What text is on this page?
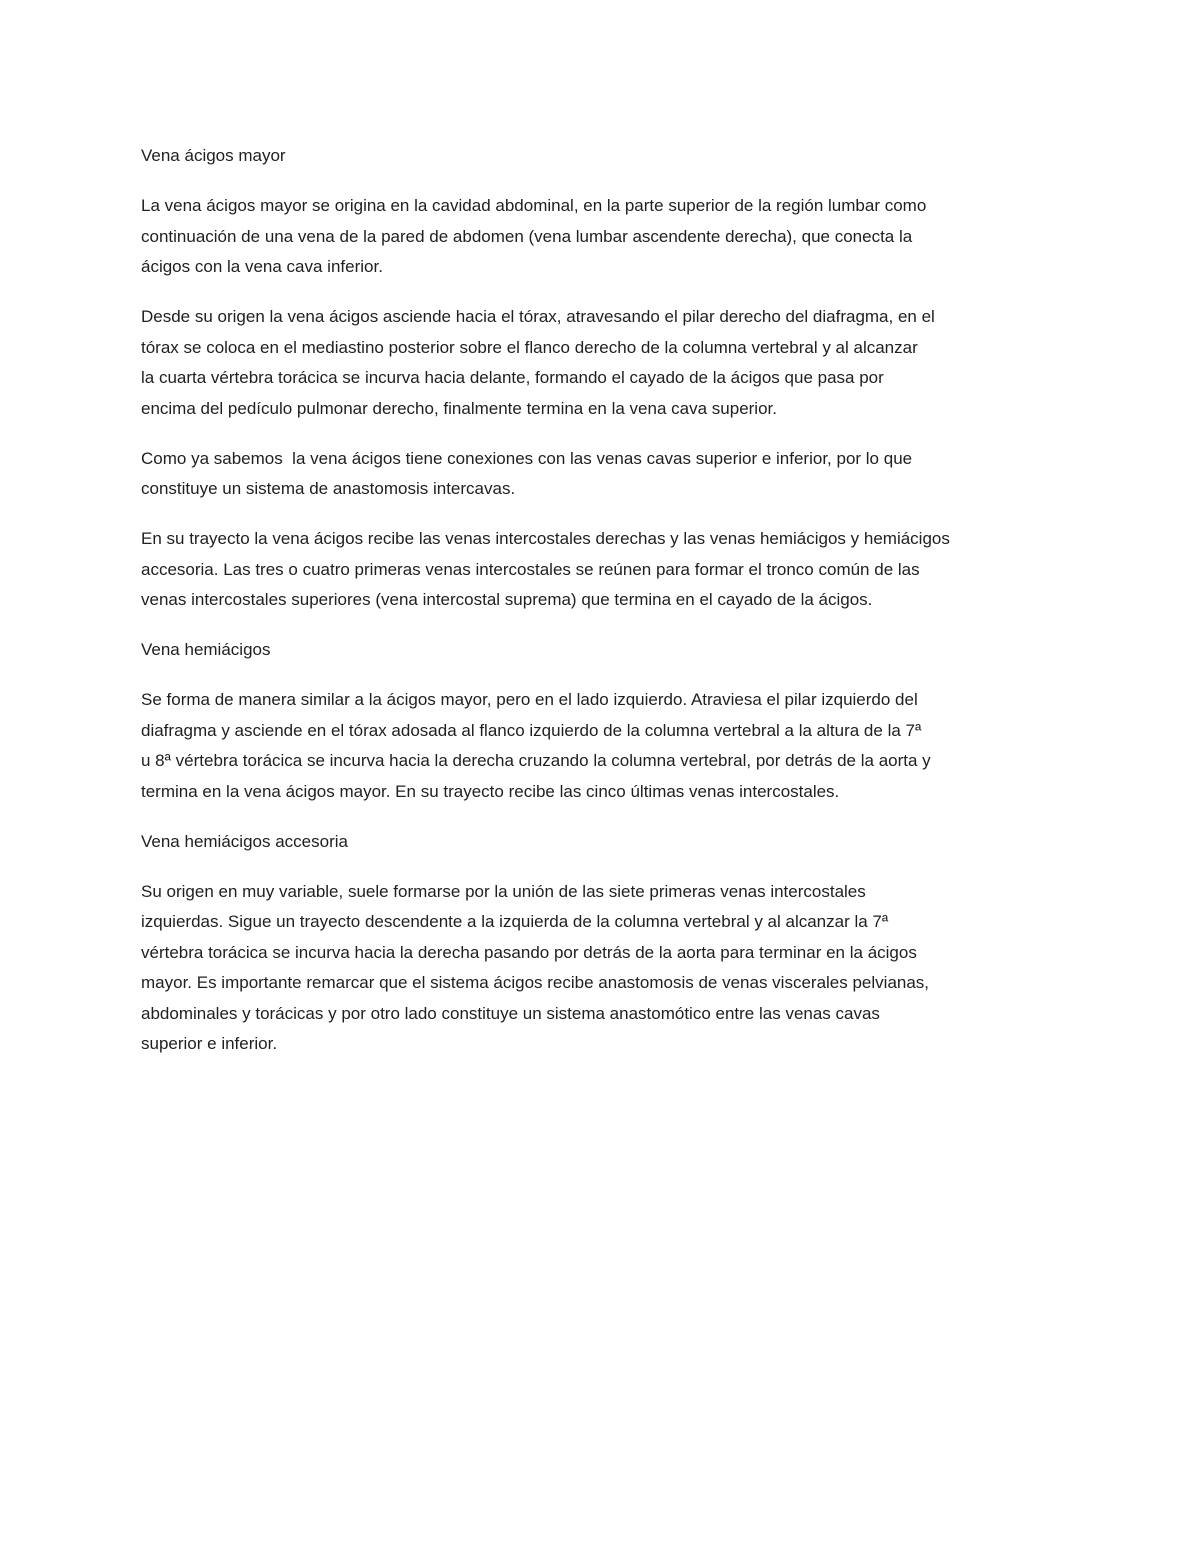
Vena ácigos mayor

La vena ácigos mayor se origina en la cavidad abdominal, en la parte superior de la región lumbar como
continuación de una vena de la pared de abdomen (vena lumbar ascendente derecha), que conecta la
ácigos con la vena cava inferior.

Desde su origen la vena ácigos asciende hacia el tórax, atravesando el pilar derecho del diafragma, en el
tórax se coloca en el mediastino posterior sobre el flanco derecho de la columna vertebral y al alcanzar
la cuarta vértebra torácica se incurva hacia delante, formando el cayado de la ácigos que pasa por
encima del pedículo pulmonar derecho, finalmente termina en la vena cava superior.

Como ya sabemos  la vena ácigos tiene conexiones con las venas cavas superior e inferior, por lo que
constituye un sistema de anastomosis intercavas.

En su trayecto la vena ácigos recibe las venas intercostales derechas y las venas hemiácigos y hemiácigos
accesoria. Las tres o cuatro primeras venas intercostales se reúnen para formar el tronco común de las
venas intercostales superiores (vena intercostal suprema) que termina en el cayado de la ácigos.

Vena hemiácigos

Se forma de manera similar a la ácigos mayor, pero en el lado izquierdo. Atraviesa el pilar izquierdo del
diafragma y asciende en el tórax adosada al flanco izquierdo de la columna vertebral a la altura de la 7ª
u 8ª vértebra torácica se incurva hacia la derecha cruzando la columna vertebral, por detrás de la aorta y
termina en la vena ácigos mayor. En su trayecto recibe las cinco últimas venas intercostales.

Vena hemiácigos accesoria

Su origen en muy variable, suele formarse por la unión de las siete primeras venas intercostales
izquierdas. Sigue un trayecto descendente a la izquierda de la columna vertebral y al alcanzar la 7ª
vértebra torácica se incurva hacia la derecha pasando por detrás de la aorta para terminar en la ácigos
mayor. Es importante remarcar que el sistema ácigos recibe anastomosis de venas viscerales pelvianas,
abdominales y torácicas y por otro lado constituye un sistema anastomótico entre las venas cavas
superior e inferior.
